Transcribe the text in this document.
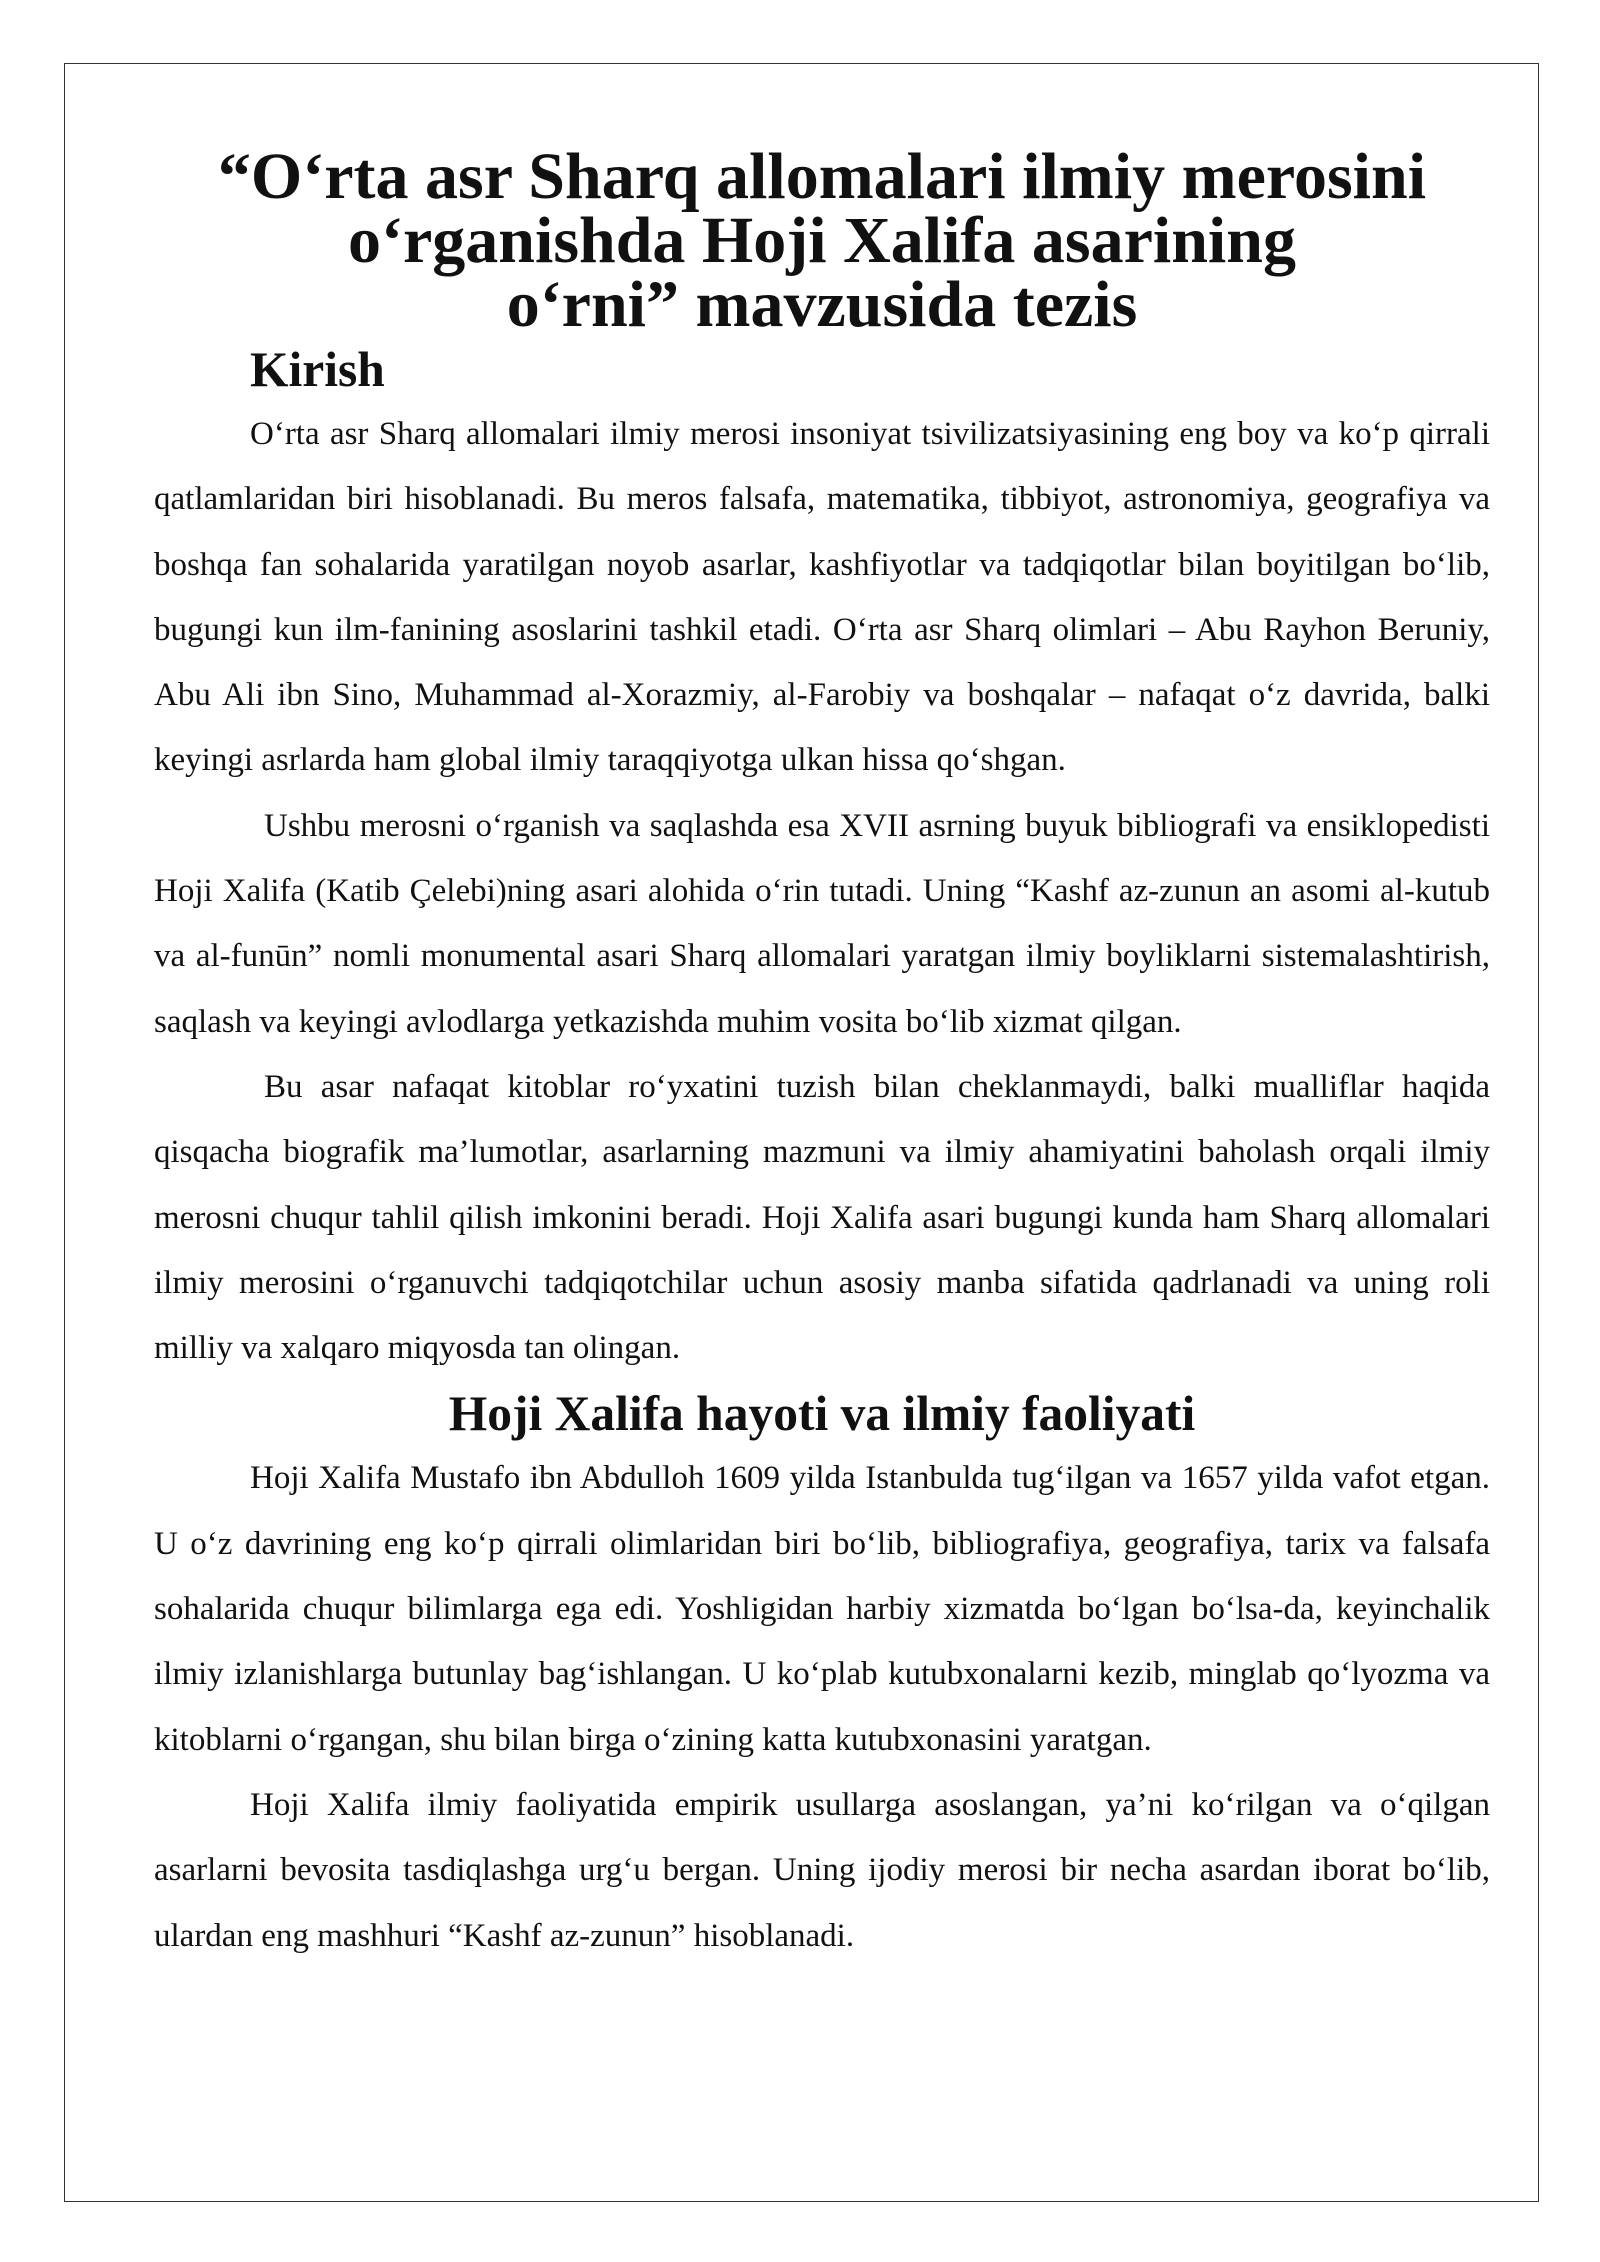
“O‘rta asr Sharq allomalari ilmiy merosini o‘rganishda Hoji Xalifa asarining
o‘rni” mavzusida tezis
Kirish

O‘rta asr Sharq allomalari ilmiy merosi insoniyat tsivilizatsiyasining eng boy va ko‘p qirrali qatlamlaridan biri hisoblanadi. Bu meros falsafa, matematika, tibbiyot, astronomiya, geografiya va boshqa fan sohalarida yaratilgan noyob asarlar, kashfiyotlar va tadqiqotlar bilan boyitilgan bo‘lib, bugungi kun ilm-fanining asoslarini tashkil etadi. O‘rta asr Sharq olimlari – Abu Rayhon Beruniy, Abu Ali ibn Sino, Muhammad al-Xorazmiy, al-Farobiy va boshqalar – nafaqat o‘z davrida, balki keyingi asrlarda ham global ilmiy taraqqiyotga ulkan hissa qo‘shgan.

Ushbu merosni o‘rganish va saqlashda esa XVII asrning buyuk bibliografi va ensiklopedisti Hoji Xalifa (Katib Çelebi)ning asari alohida o‘rin tutadi. Uning “Kashf az-zunun an asomi al-kutub va al-funūn” nomli monumental asari Sharq allomalari yaratgan ilmiy boyliklarni sistemalashtirish, saqlash va keyingi avlodlarga yetkazishda muhim vosita bo‘lib xizmat qilgan.

Bu asar nafaqat kitoblar ro‘yxatini tuzish bilan cheklanmaydi, balki mualliflar haqida qisqacha biografik ma’lumotlar, asarlarning mazmuni va ilmiy ahamiyatini baholash orqali ilmiy merosni chuqur tahlil qilish imkonini beradi. Hoji Xalifa asari bugungi kunda ham Sharq allomalari ilmiy merosini o‘rganuvchi tadqiqotchilar uchun asosiy manba sifatida qadrlanadi va uning roli milliy va xalqaro miqyosda tan olingan.

Hoji Xalifa hayoti va ilmiy faoliyati

Hoji Xalifa Mustafo ibn Abdulloh 1609 yilda Istanbulda tug‘ilgan va 1657 yilda vafot etgan. U o‘z davrining eng ko‘p qirrali olimlaridan biri bo‘lib, bibliografiya, geografiya, tarix va falsafa sohalarida chuqur bilimlarga ega edi. Yoshligidan harbiy xizmatda bo‘lgan bo‘lsa-da, keyinchalik ilmiy izlanishlarga butunlay bag‘ishlangan. U ko‘plab kutubxonalarni kezib, minglab qo‘lyozma va kitoblarni o‘rgangan, shu bilan birga o‘zining katta kutubxonasini yaratgan.

Hoji Xalifa ilmiy faoliyatida empirik usullarga asoslangan, ya’ni ko‘rilgan va o‘qilgan asarlarni bevosita tasdiqlashga urg‘u bergan. Uning ijodiy merosi bir necha asardan iborat bo‘lib, ulardan eng mashhuri “Kashf az-zunun” hisoblanadi.
